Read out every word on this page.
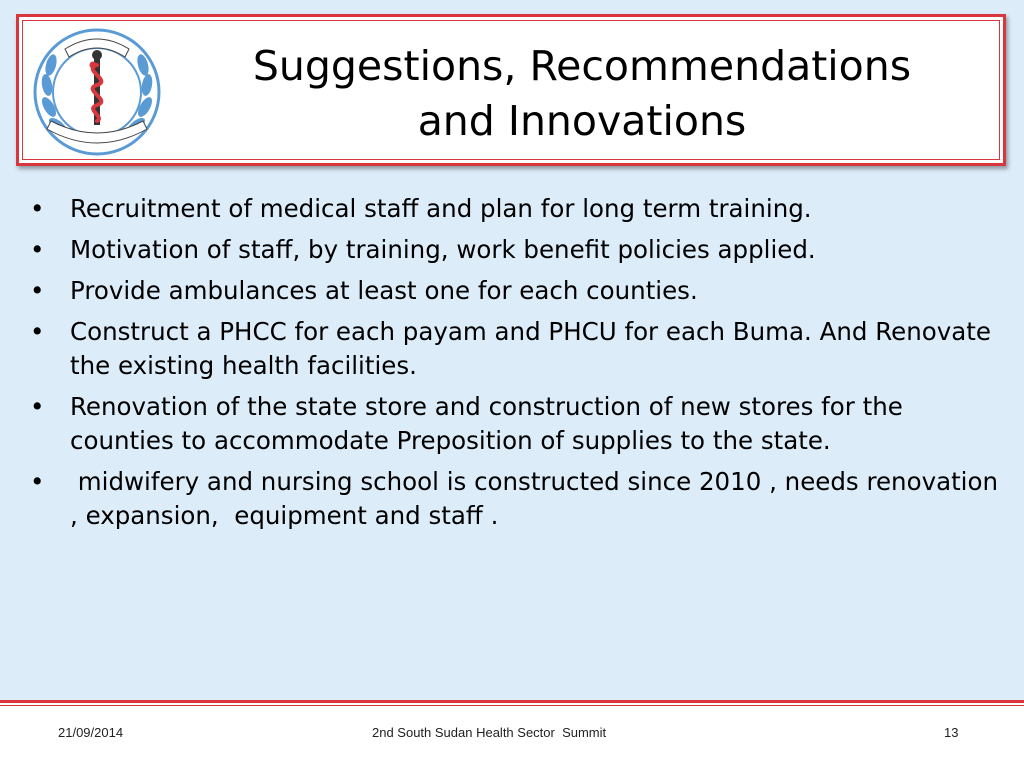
Suggestions, Recommendations
and Innovations
• Recruitment of medical staff and plan for long term training.
• Motivation of staff, by training, work benefit policies applied.
• Provide ambulances at least one for each counties.
• Construct a PHCC for each payam and PHCU for each Buma. And Renovate the existing health facilities.
• Renovation of the state store and construction of new stores for the counties to accommodate Preposition of supplies to the state.
• midwifery and nursing school is constructed since 2010 , needs renovation , expansion,  equipment and staff .
21/09/2014	2nd South Sudan Health Sector  Summit	13
